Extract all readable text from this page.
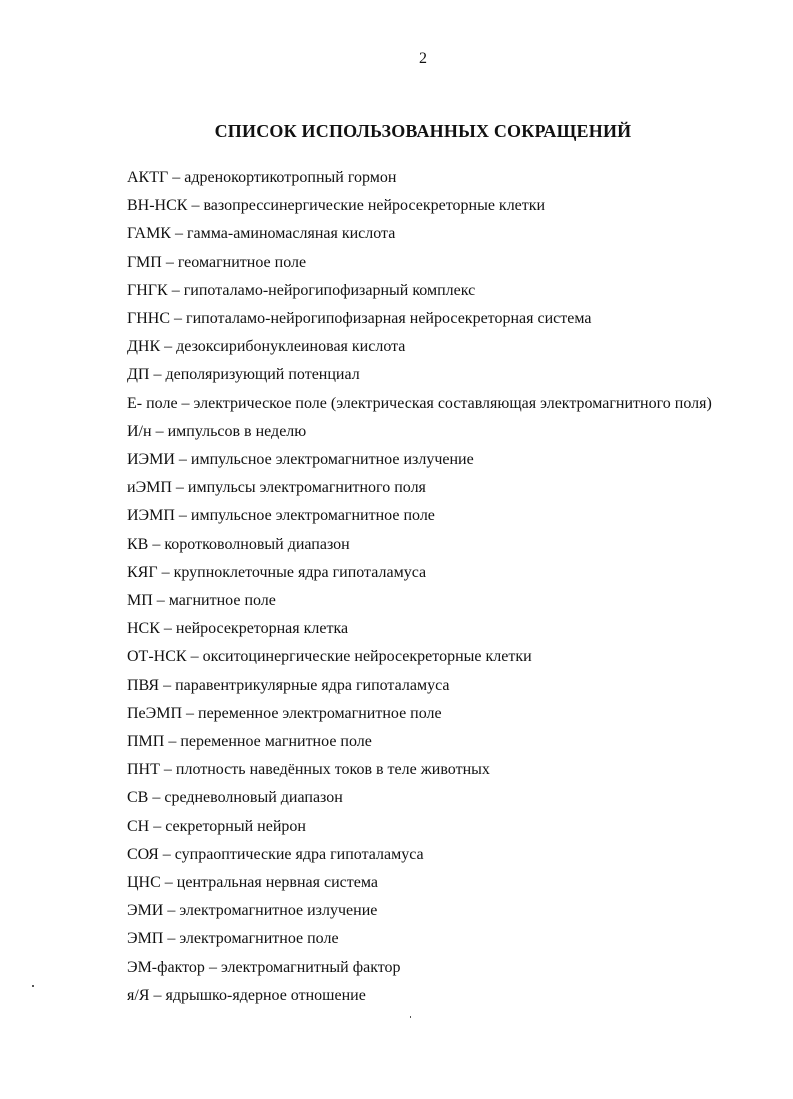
2
СПИСОК ИСПОЛЬЗОВАННЫХ СОКРАЩЕНИЙ
АКТГ – адренокортикотропный гормон
ВН-НСК – вазопрессинергические нейросекреторные клетки
ГАМК – гамма-аминомасляная кислота
ГМП – геомагнитное поле
ГНГК – гипоталамо-нейрогипофизарный комплекс
ГННС – гипоталамо-нейрогипофизарная нейросекреторная система
ДНК – дезоксирибонуклеиновая кислота
ДП – деполяризующий потенциал
Е- поле – электрическое поле (электрическая составляющая электромагнитного поля)
И/н – импульсов в неделю
ИЭМИ – импульсное электромагнитное излучение
иЭМП – импульсы электромагнитного поля
ИЭМП – импульсное электромагнитное поле
КВ – коротковолновый диапазон
КЯГ – крупноклеточные ядра гипоталамуса
МП – магнитное поле
НСК – нейросекреторная клетка
ОТ-НСК – окситоцинергические нейросекреторные клетки
ПВЯ – паравентрикулярные ядра гипоталамуса
ПеЭМП – переменное электромагнитное поле
ПМП – переменное магнитное поле
ПНТ – плотность наведённых токов в теле животных
СВ – средневолновый диапазон
СН – секреторный нейрон
СОЯ – супраоптические ядра гипоталамуса
ЦНС – центральная нервная система
ЭМИ – электромагнитное излучение
ЭМП – электромагнитное поле
ЭМ-фактор – электромагнитный фактор
я/Я – ядрышко-ядерное отношение
